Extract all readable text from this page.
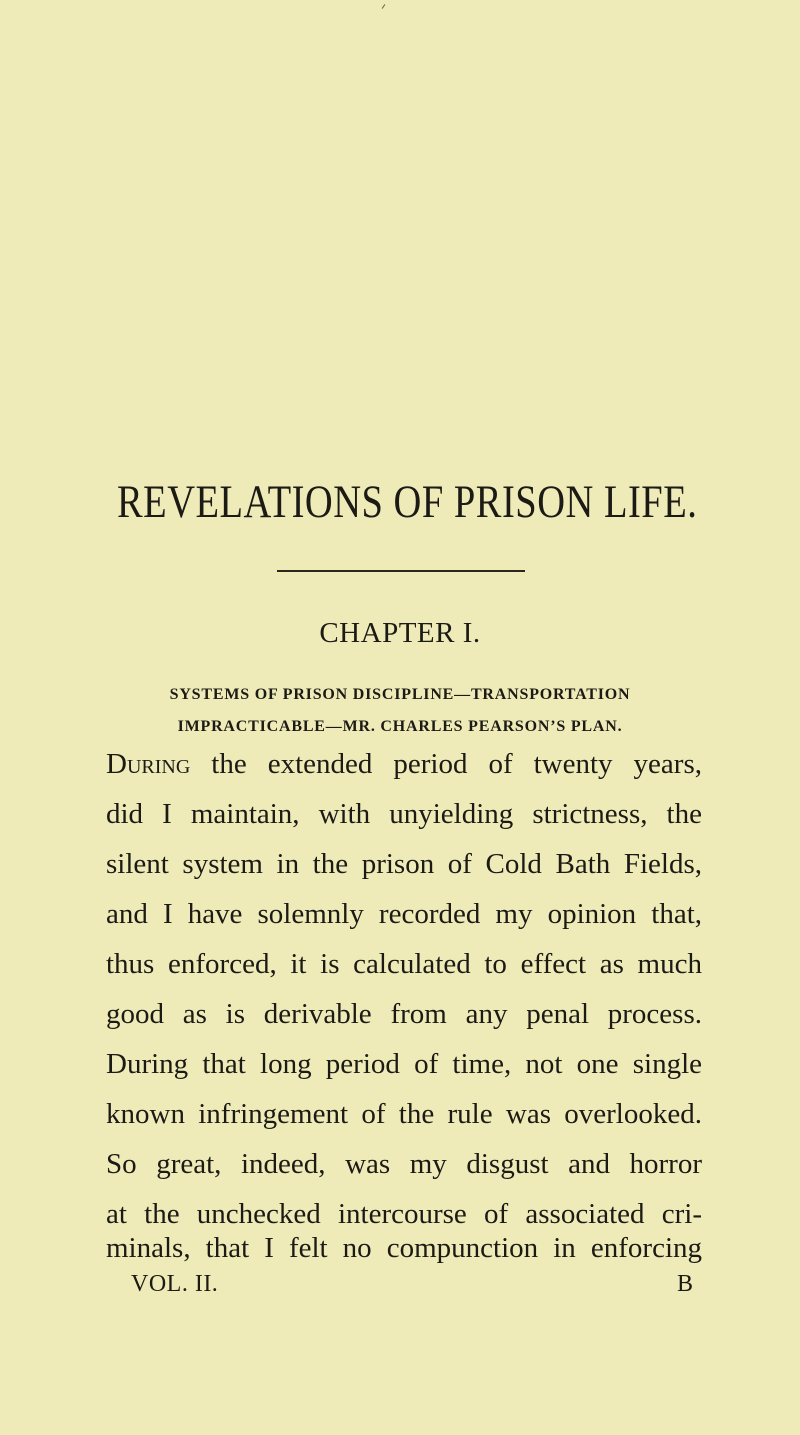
REVELATIONS OF PRISON LIFE.
CHAPTER I.
SYSTEMS OF PRISON DISCIPLINE—TRANSPORTATION
IMPRACTICABLE—MR. CHARLES PEARSON’S PLAN.
During the extended period of twenty years,
did I maintain, with unyielding strictness, the
silent system in the prison of Cold Bath Fields,
and I have solemnly recorded my opinion that,
thus enforced, it is calculated to effect as much
good as is derivable from any penal process.
During that long period of time, not one single
known infringement of the rule was overlooked.
So great, indeed, was my disgust and horror
at the unchecked intercourse of associated cri-
minals, that I felt no compunction in enforcing
VOL. II.	B
